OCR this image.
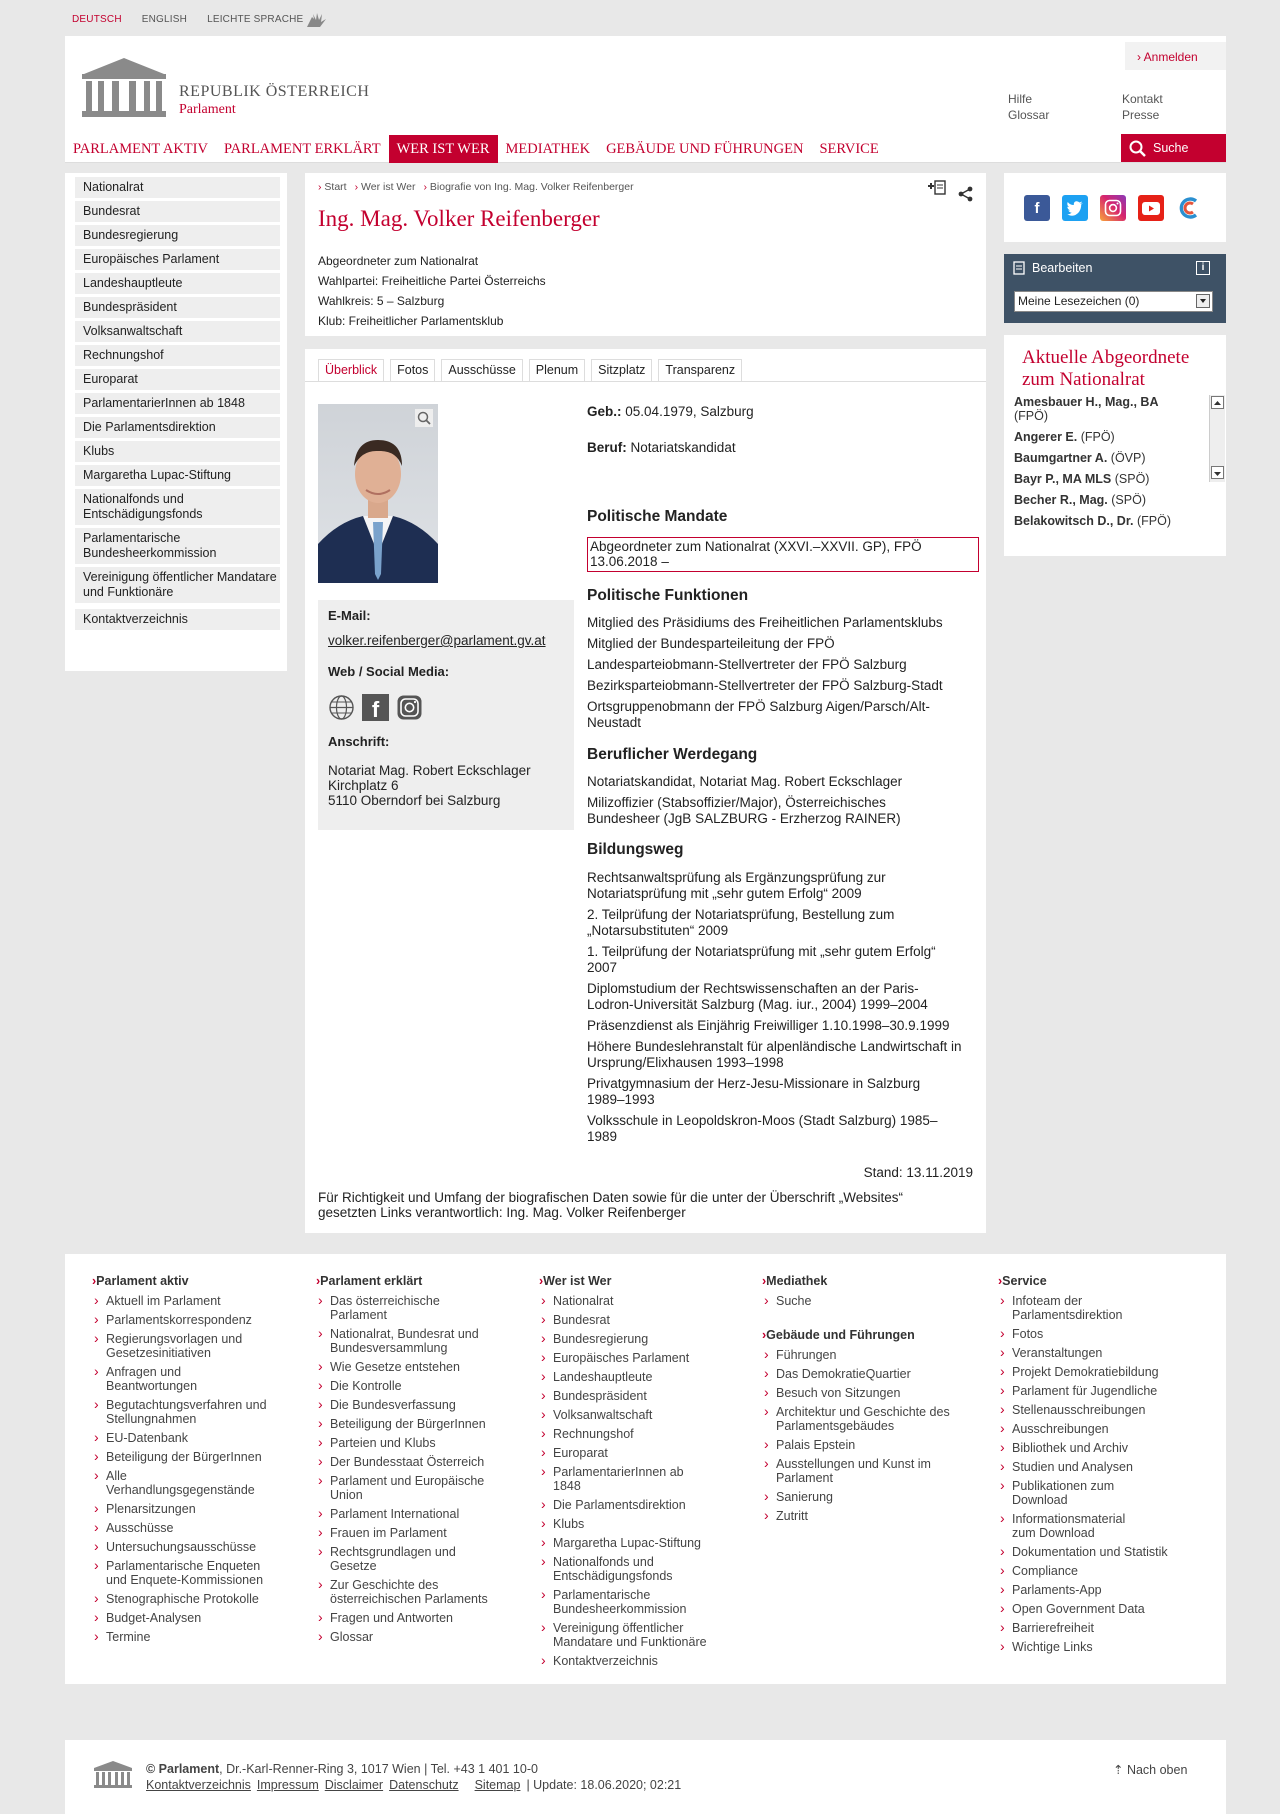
DEUTSCH ENGLISH LEICHTE SPRACHE
REPUBLIK ÖSTERREICH
Parlament
› Anmelden
Hilfe
Glossar
Kontakt
Presse
PARLAMENT AKTIV	PARLAMENT ERKLÄRT	WER IST WER	MEDIATHEK	GEBÄUDE UND FÜHRUNGEN	SERVICE	Suche
Nationalrat
Bundesrat
Bundesregierung
Europäisches Parlament
Landeshauptleute
Bundespräsident
Volksanwaltschaft
Rechnungshof
Europarat
ParlamentarierInnen ab 1848
Die Parlamentsdirektion
Klubs
Margaretha Lupac-Stiftung
Nationalfonds und Entschädigungsfonds
Parlamentarische Bundesheerkommission
Vereinigung öffentlicher Mandatare und Funktionäre
Kontaktverzeichnis
› Start › Wer ist Wer › Biografie von Ing. Mag. Volker Reifenberger
Ing. Mag. Volker Reifenberger
Abgeordneter zum Nationalrat
Wahlpartei: Freiheitliche Partei Österreichs
Wahlkreis: 5 – Salzburg
Klub: Freiheitlicher Parlamentsklub
Überblick	Fotos	Ausschüsse	Plenum	Sitzplatz	Transparenz
E-Mail:
volker.reifenberger@parlament.gv.at
Web / Social Media:
f
Anschrift:
Notariat Mag. Robert Eckschlager
Kirchplatz 6
5110 Oberndorf bei Salzburg
Geb.: 05.04.1979, Salzburg
Beruf: Notariatskandidat
Politische Mandate
Abgeordneter zum Nationalrat (XXVI.–XXVII. GP), FPÖ
13.06.2018 –
Politische Funktionen
Mitglied des Präsidiums des Freiheitlichen Parlamentsklubs
Mitglied der Bundesparteileitung der FPÖ
Landesparteiobmann-Stellvertreter der FPÖ Salzburg
Bezirksparteiobmann-Stellvertreter der FPÖ Salzburg-Stadt
Ortsgruppenobmann der FPÖ Salzburg Aigen/Parsch/Alt-Neustadt
Beruflicher Werdegang
Notariatskandidat, Notariat Mag. Robert Eckschlager
Milizoffizier (Stabsoffizier/Major), Österreichisches Bundesheer (JgB SALZBURG - Erzherzog RAINER)
Bildungsweg
Rechtsanwaltsprüfung als Ergänzungsprüfung zur Notariatsprüfung mit „sehr gutem Erfolg“ 2009
2. Teilprüfung der Notariatsprüfung, Bestellung zum „Notarsubstituten“ 2009
1. Teilprüfung der Notariatsprüfung mit „sehr gutem Erfolg“ 2007
Diplomstudium der Rechtswissenschaften an der Paris-Lodron-Universität Salzburg (Mag. iur., 2004) 1999–2004
Präsenzdienst als Einjährig Freiwilliger 1.10.1998–30.9.1999
Höhere Bundeslehranstalt für alpenländische Landwirtschaft in Ursprung/Elixhausen 1993–1998
Privatgymnasium der Herz-Jesu-Missionare in Salzburg 1989–1993
Volksschule in Leopoldskron-Moos (Stadt Salzburg) 1985–1989
Stand: 13.11.2019
Für Richtigkeit und Umfang der biografischen Daten sowie für die unter der Überschrift „Websites“ gesetzten Links verantwortlich: Ing. Mag. Volker Reifenberger
f
Bearbeiten	i
Meine Lesezeichen (0)
Aktuelle Abgeordnete zum Nationalrat
Amesbauer H., Mag., BA
(FPÖ)
Angerer E. (FPÖ)
Baumgartner A. (ÖVP)
Bayr P., MA MLS (SPÖ)
Becher R., Mag. (SPÖ)
Belakowitsch D., Dr. (FPÖ)
› Parlament aktiv
› Aktuell im Parlament
› Parlamentskorrespondenz
› Regierungsvorlagen und Gesetzesinitiativen
› Anfragen und Beantwortungen
› Begutachtungsverfahren und Stellungnahmen
› EU-Datenbank
› Beteiligung der BürgerInnen
› Alle Verhandlungsgegenstände
› Plenarsitzungen
› Ausschüsse
› Untersuchungsausschüsse
› Parlamentarische Enqueten und Enquete-Kommissionen
› Stenographische Protokolle
› Budget-Analysen
› Termine
› Parlament erklärt
› Das österreichische Parlament
› Nationalrat, Bundesrat und Bundesversammlung
› Wie Gesetze entstehen
› Die Kontrolle
› Die Bundesverfassung
› Beteiligung der BürgerInnen
› Parteien und Klubs
› Der Bundesstaat Österreich
› Parlament und Europäische Union
› Parlament International
› Frauen im Parlament
› Rechtsgrundlagen und Gesetze
› Zur Geschichte des österreichischen Parlaments
› Fragen und Antworten
› Glossar
› Wer ist Wer
› Nationalrat
› Bundesrat
› Bundesregierung
› Europäisches Parlament
› Landeshauptleute
› Bundespräsident
› Volksanwaltschaft
› Rechnungshof
› Europarat
› ParlamentarierInnen ab 1848
› Die Parlamentsdirektion
› Klubs
› Margaretha Lupac-Stiftung
› Nationalfonds und Entschädigungsfonds
› Parlamentarische Bundesheerkommission
› Vereinigung öffentlicher Mandatare und Funktionäre
› Kontaktverzeichnis
› Mediathek
› Suche
› Gebäude und Führungen
› Führungen
› Das DemokratieQuartier
› Besuch von Sitzungen
› Architektur und Geschichte des Parlamentsgebäudes
› Palais Epstein
› Ausstellungen und Kunst im Parlament
› Sanierung
› Zutritt
› Service
› Infoteam der Parlamentsdirektion
› Fotos
› Veranstaltungen
› Projekt Demokratiebildung
› Parlament für Jugendliche
› Stellenausschreibungen
› Ausschreibungen
› Bibliothek und Archiv
› Studien und Analysen
› Publikationen zum Download
› Informationsmaterial zum Download
› Dokumentation und Statistik
› Compliance
› Parlaments-App
› Open Government Data
› Barrierefreiheit
› Wichtige Links
© Parlament, Dr.-Karl-Renner-Ring 3, 1017 Wien | Tel. +43 1 401 10-0
Kontaktverzeichnis Impressum Disclaimer Datenschutz Sitemap | Update: 18.06.2020; 02:21
⇡ Nach oben
